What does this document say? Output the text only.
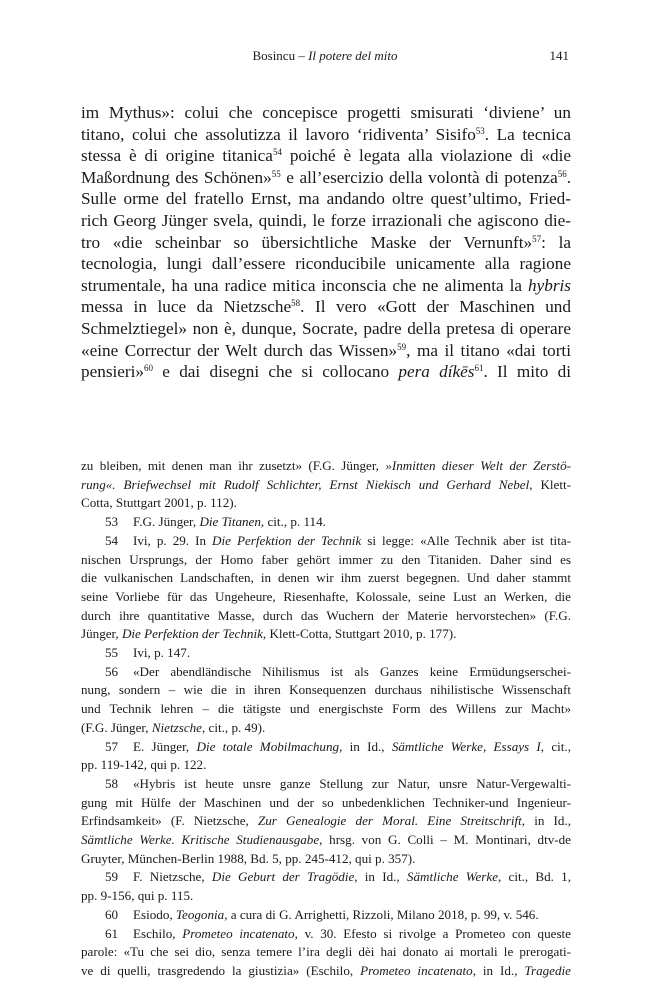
Bosincu – Il potere del mito	141
im Mythus»: colui che concepisce progetti smisurati ‘diviene’ un
titano, colui che assolutizza il lavoro ‘ridiventa’ Sisifo$^{53}$. La tecnica
stessa è di origine titanica$^{54}$ poiché è legata alla violazione di «die
Maßordnung des Schönen»$^{55}$ e all’esercizio della volontà di potenza$^{56}$.
Sulle orme del fratello Ernst, ma andando oltre quest’ultimo, Fried-
rich Georg Jünger svela, quindi, le forze irrazionali che agiscono die-
tro «die scheinbar so übersichtliche Maske der Vernunft»$^{57}$: la
tecnologia, lungi dall’essere riconducibile unicamente alla ragione
strumentale, ha una radice mitica inconscia che ne alimenta la hybris
messa in luce da Nietzsche$^{58}$. Il vero «Gott der Maschinen und
Schmelztiegel» non è, dunque, Socrate, padre della pretesa di operare
«eine Correctur der Welt durch das Wissen»$^{59}$, ma il titano «dai torti
pensieri»$^{60}$ e dai disegni che si collocano pera díkēs$^{61}$. Il mito di
zu bleiben, mit denen man ihr zusetzt» (F.G. Jünger, »Inmitten dieser Welt der Zerstö-
rung«. Briefwechsel mit Rudolf Schlichter, Ernst Niekisch und Gerhard Nebel, Klett-
Cotta, Stuttgart 2001, p. 112).
53 F.G. Jünger, Die Titanen, cit., p. 114.
54 Ivi, p. 29. In Die Perfektion der Technik si legge: «Alle Technik aber ist tita-
nischen Ursprungs, der Homo faber gehört immer zu den Titaniden. Daher sind es
die vulkanischen Landschaften, in denen wir ihm zuerst begegnen. Und daher stammt
seine Vorliebe für das Ungeheure, Riesenhafte, Kolossale, seine Lust an Werken, die
durch ihre quantitative Masse, durch das Wuchern der Materie hervorstechen» (F.G.
Jünger, Die Perfektion der Technik, Klett-Cotta, Stuttgart 2010, p. 177).
55 Ivi, p. 147.
56 «Der abendländische Nihilismus ist als Ganzes keine Ermüdungserschei-
nung, sondern – wie die in ihren Konsequenzen durchaus nihilistische Wissenschaft
und Technik lehren – die tätigste und energischste Form des Willens zur Macht»
(F.G. Jünger, Nietzsche, cit., p. 49).
57 E. Jünger, Die totale Mobilmachung, in Id., Sämtliche Werke, Essays I, cit.,
pp. 119-142, qui p. 122.
58 «Hybris ist heute unsre ganze Stellung zur Natur, unsre Natur-Vergewalti-
gung mit Hülfe der Maschinen und der so unbedenklichen Techniker-und Ingenieur-
Erfindsamkeit» (F. Nietzsche, Zur Genealogie der Moral. Eine Streitschrift, in Id.,
Sämtliche Werke. Kritische Studienausgabe, hrsg. von G. Colli – M. Montinari, dtv-de
Gruyter, München-Berlin 1988, Bd. 5, pp. 245-412, qui p. 357).
59 F. Nietzsche, Die Geburt der Tragödie, in Id., Sämtliche Werke, cit., Bd. 1,
pp. 9-156, qui p. 115.
60 Esiodo, Teogonia, a cura di G. Arrighetti, Rizzoli, Milano 2018, p. 99, v. 546.
61 Eschilo, Prometeo incatenato, v. 30. Efesto si rivolge a Prometeo con queste
parole: «Tu che sei dio, senza temere l’ira degli dèi hai donato ai mortali le prerogati-
ve di quelli, trasgredendo la giustizia» (Eschilo, Prometeo incatenato, in Id., Tragedie
